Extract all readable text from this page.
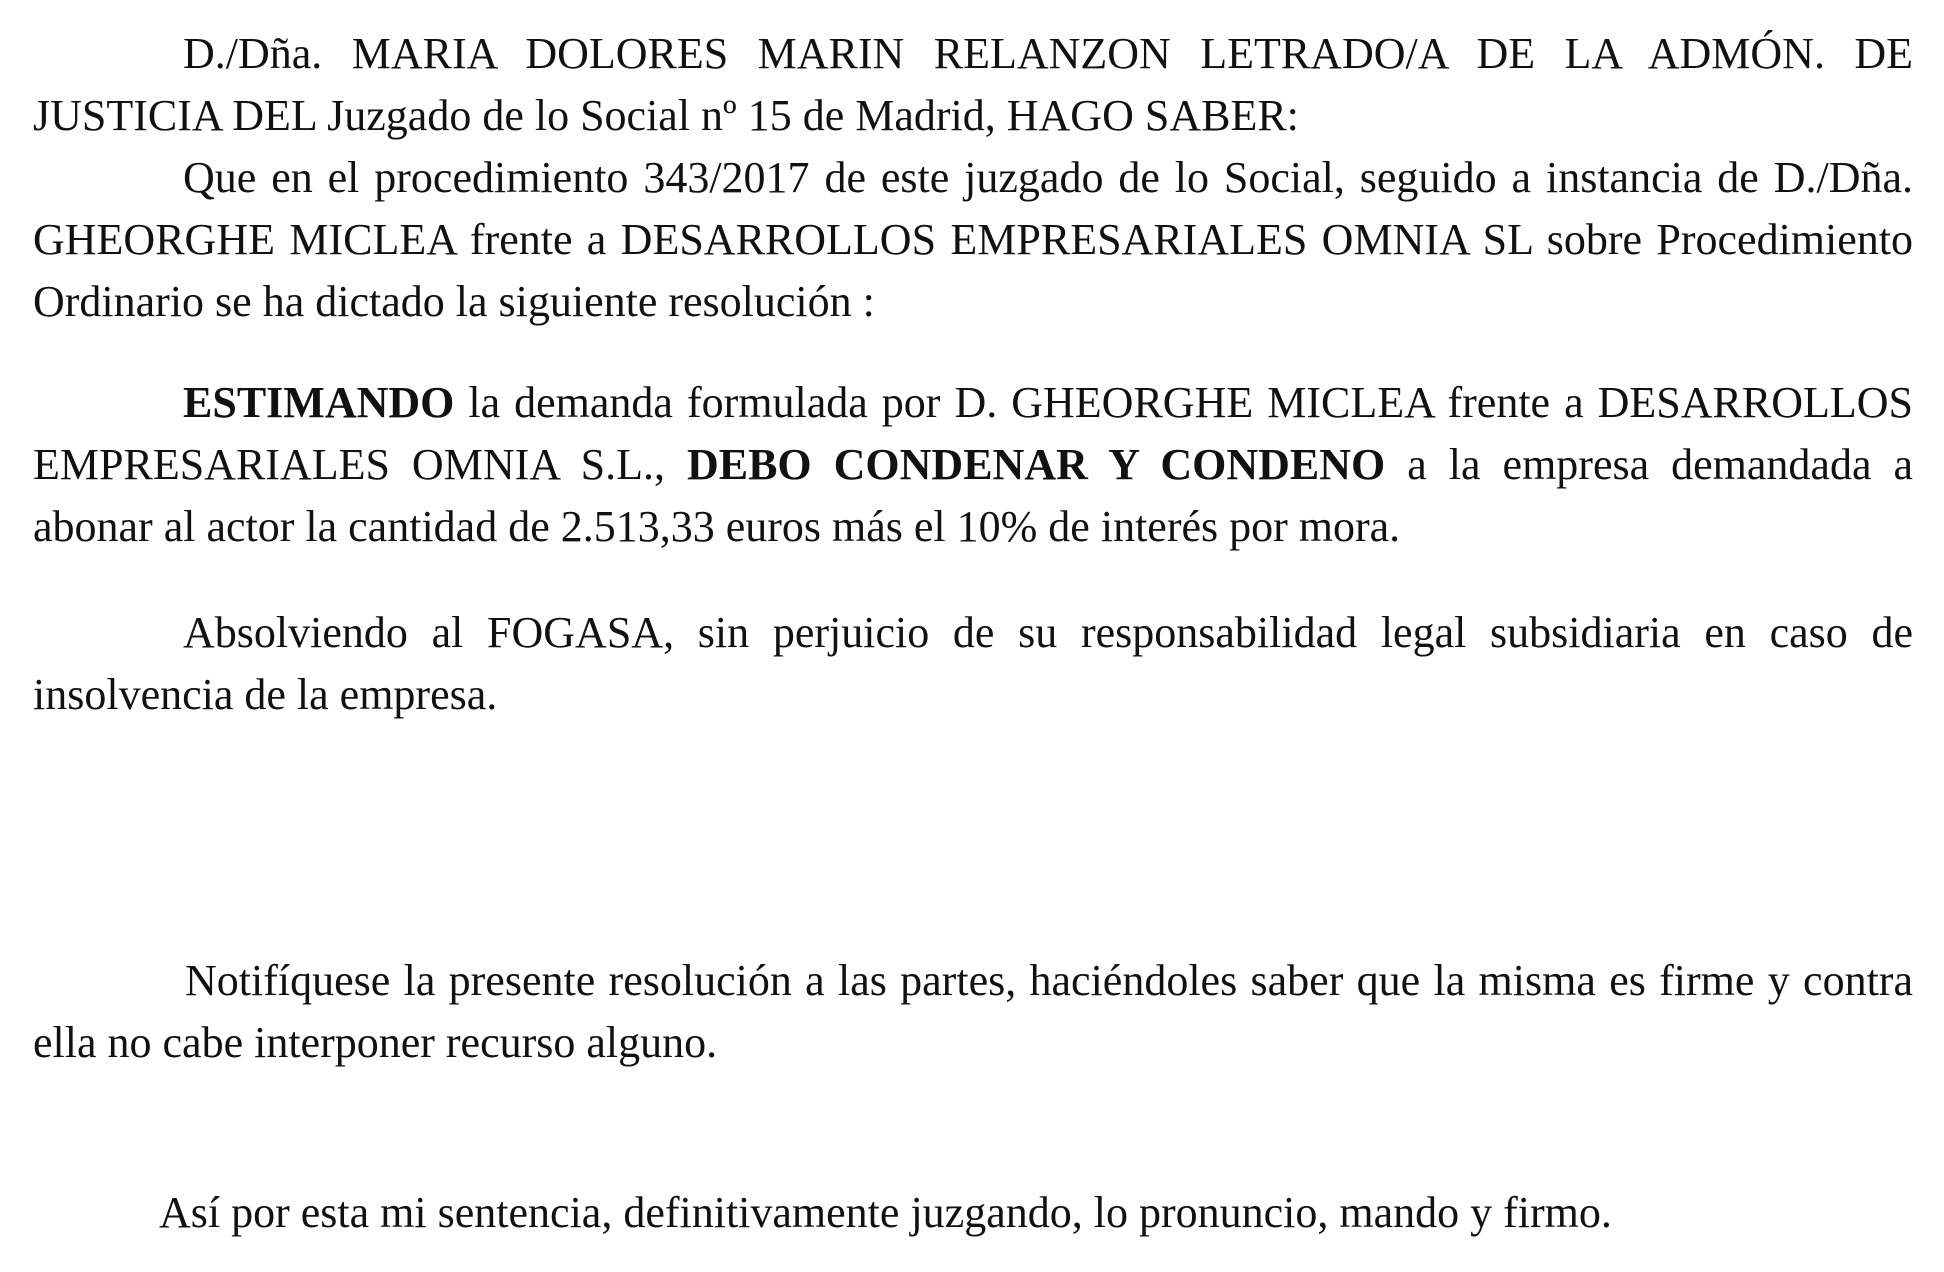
D./Dña. MARIA DOLORES MARIN RELANZON LETRADO/A DE LA ADMÓN. DE JUSTICIA DEL Juzgado de lo Social nº 15 de Madrid, HAGO SABER:

Que en el procedimiento 343/2017 de este juzgado de lo Social, seguido a instancia de D./Dña. GHEORGHE MICLEA frente a DESARROLLOS EMPRESARIALES OMNIA SL sobre Procedimiento Ordinario se ha dictado la siguiente resolución :

ESTIMANDO la demanda formulada por D. GHEORGHE MICLEA frente a DESARROLLOS EMPRESARIALES OMNIA S.L., DEBO CONDENAR Y CONDENO a la empresa demandada a abonar al actor la cantidad de 2.513,33 euros más el 10% de interés por mora.

Absolviendo al FOGASA, sin perjuicio de su responsabilidad legal subsidiaria en caso de insolvencia de la empresa.

Notifíquese la presente resolución a las partes, haciéndoles saber que la misma es firme y contra ella no cabe interponer recurso alguno.

Así por esta mi sentencia, definitivamente juzgando, lo pronuncio, mando y firmo.
